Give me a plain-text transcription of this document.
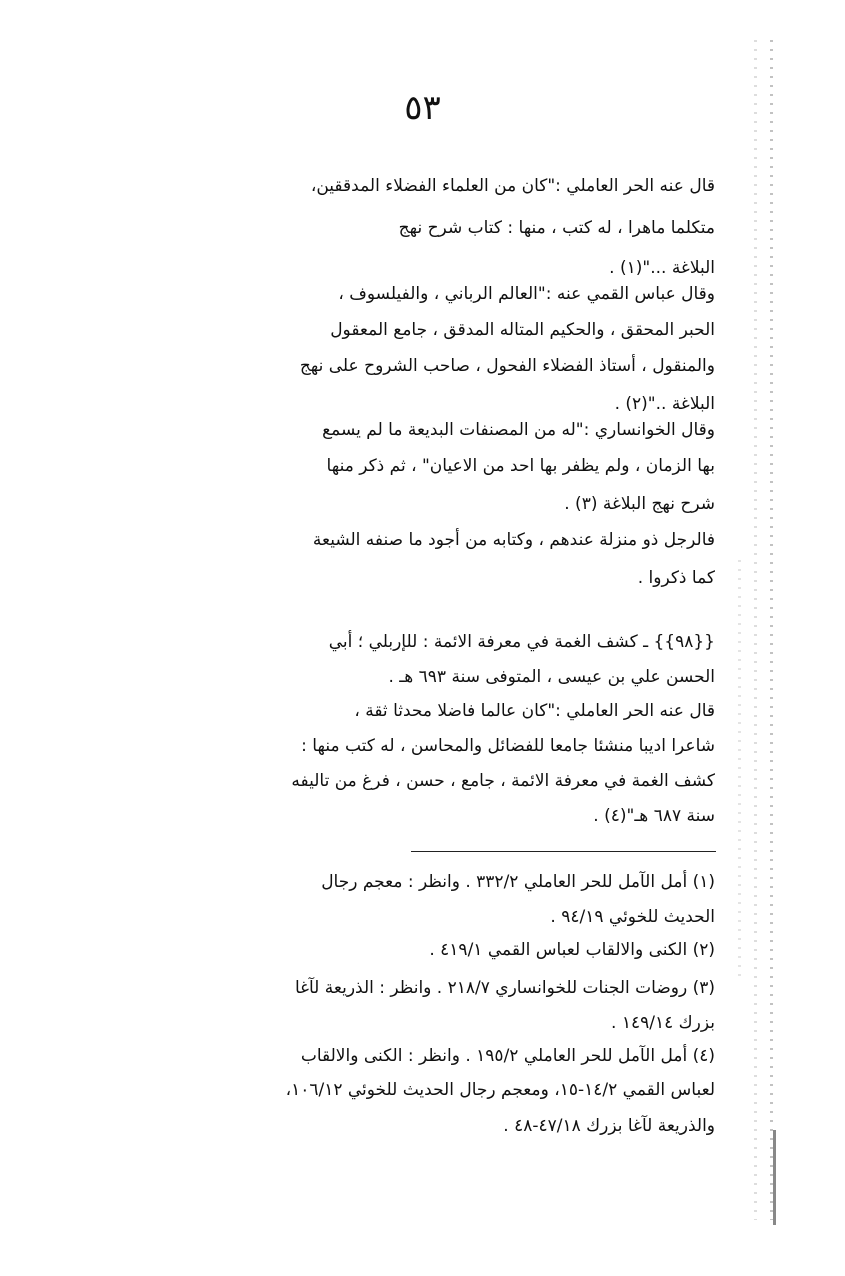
٥٣
قال عنه الحر العاملي :"كان من العلماء الفضلاء المدققين،
متكلما ماهرا ، له كتب ، منها : كتاب شرح نهج
البلاغة ..."(١) .
وقال عباس القمي عنه :"العالم الرباني ، والفيلسوف ،
الحبر المحقق ، والحكيم المتاله المدقق ، جامع المعقول
والمنقول ، أستاذ الفضلاء الفحول ، صاحب الشروح على نهج
البلاغة .."(٢) .
وقال الخوانساري :"له من المصنفات البديعة ما لم يسمع
بها الزمان ، ولم يظفر بها احد من الاعيان" ، ثم ذكر منها
شرح نهج البلاغة (٣) .
فالرجل ذو منزلة عندهم ، وكتابه من أجود ما صنفه الشيعة
كما ذكروا .
{{٩٨}} ـ كشف الغمة في معرفة الائمة : للإربلي ؛ أبي
الحسن علي بن عيسى ، المتوفى سنة ٦٩٣ هـ .
قال عنه الحر العاملي :"كان عالما فاضلا محدثا ثقة ،
شاعرا اديبا منشئا جامعا للفضائل والمحاسن ، له كتب منها :
كشف الغمة في معرفة الائمة ، جامع ، حسن ، فرغ من تاليفه
سنة ٦٨٧ هـ"(٤) .
(١) أمل الآمل للحر العاملي ٣٣٢/٢ . وانظر : معجم رجال
الحديث للخوئي ٩٤/١٩ .
(٢) الكنى والالقاب لعباس القمي ٤١٩/١ .
(٣) روضات الجنات للخوانساري ٢١٨/٧ . وانظر : الذريعة لآغا
بزرك ١٤٩/١٤ .
(٤) أمل الآمل للحر العاملي ١٩٥/٢ . وانظر : الكنى والالقاب
لعباس القمي ١٤/٢-١٥، ومعجم رجال الحديث للخوئي ١٠٦/١٢،
والذريعة لآغا بزرك ٤٧/١٨-٤٨ .
